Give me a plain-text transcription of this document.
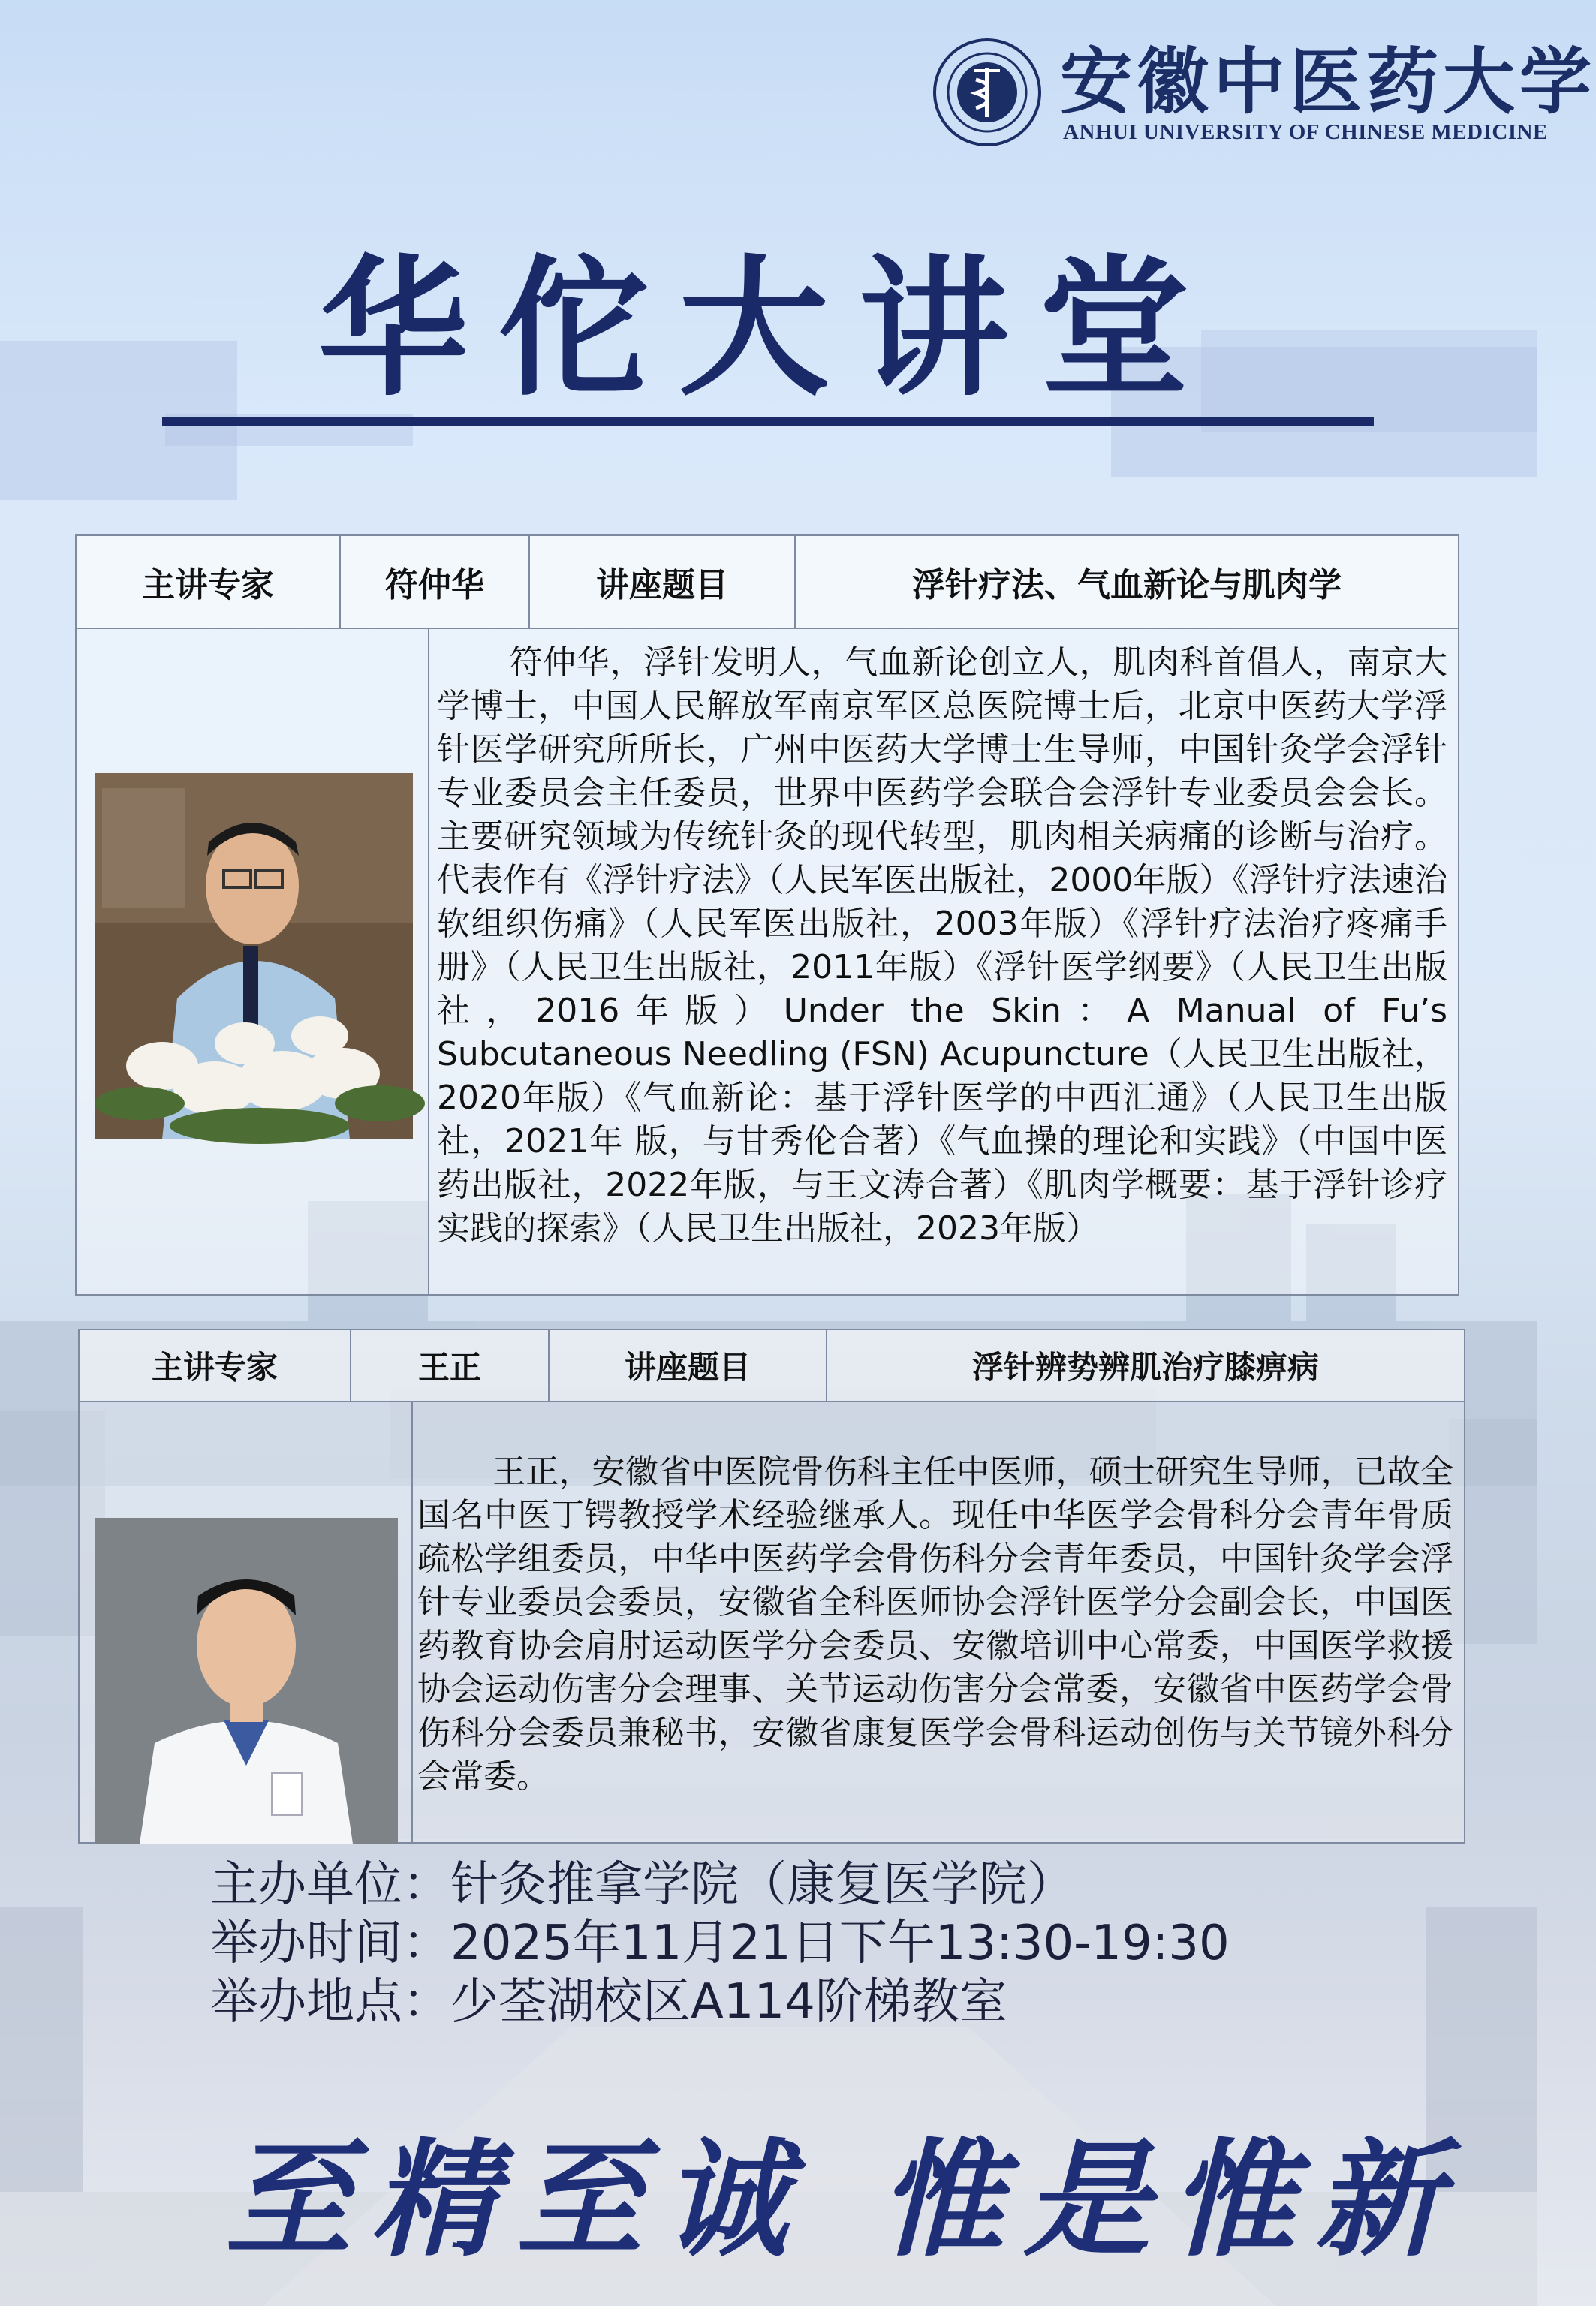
安徽中医药大学
ANHUI UNIVERSITY OF CHINESE MEDICINE
华佗大讲堂
主讲专家	符仲华	讲座题目	浮针疗法、气血新论与肌肉学
符仲华，浮针发明人，气血新论创立人，肌肉科首倡人，南京大学博士，中国人民解放军南京军区总医院博士后，北京中医药大学浮针医学研究所所长，广州中医药大学博士生导师，中国针灸学会浮针专业委员会主任委员，世界中医药学会联合会浮针专业委员会会长。主要研究领域为传统针灸的现代转型，肌肉相关病痛的诊断与治疗。代表作有《浮针疗法》（人民军医出版社，2000年版）《浮针疗法速治软组织伤痛》（人民军医出版社，2003年版）《浮针疗法治疗疼痛手册》（人民卫生出版社，2011年版）《浮针医学纲要》（人民卫生出版社，2016年版）Under the Skin：A Manual of Fu’s Subcutaneous Needling (FSN) Acupuncture（人民卫生出版社，2020年版）《气血新论：基于浮针医学的中西汇通》（人民卫生出版社，2021年 版，与甘秀伦合著）《气血操的理论和实践》（中国中医药出版社，2022年版，与王文涛合著）《肌肉学概要：基于浮针诊疗实践的探索》（人民卫生出版社，2023年版）
主讲专家	王正	讲座题目	浮针辨势辨肌治疗膝痹病
王正，安徽省中医院骨伤科主任中医师，硕士研究生导师，已故全国名中医丁锷教授学术经验继承人。现任中华医学会骨科分会青年骨质疏松学组委员，中华中医药学会骨伤科分会青年委员，中国针灸学会浮针专业委员会委员，安徽省全科医师协会浮针医学分会副会长，中国医药教育协会肩肘运动医学分会委员、安徽培训中心常委，中国医学救援协会运动伤害分会理事、关节运动伤害分会常委，安徽省中医药学会骨伤科分会委员兼秘书，安徽省康复医学会骨科运动创伤与关节镜外科分会常委。
主办单位：针灸推拿学院（康复医学院）
举办时间：2025年11月21日下午13:30-19:30
举办地点：少荃湖校区A114阶梯教室
至精至诚 惟是惟新
